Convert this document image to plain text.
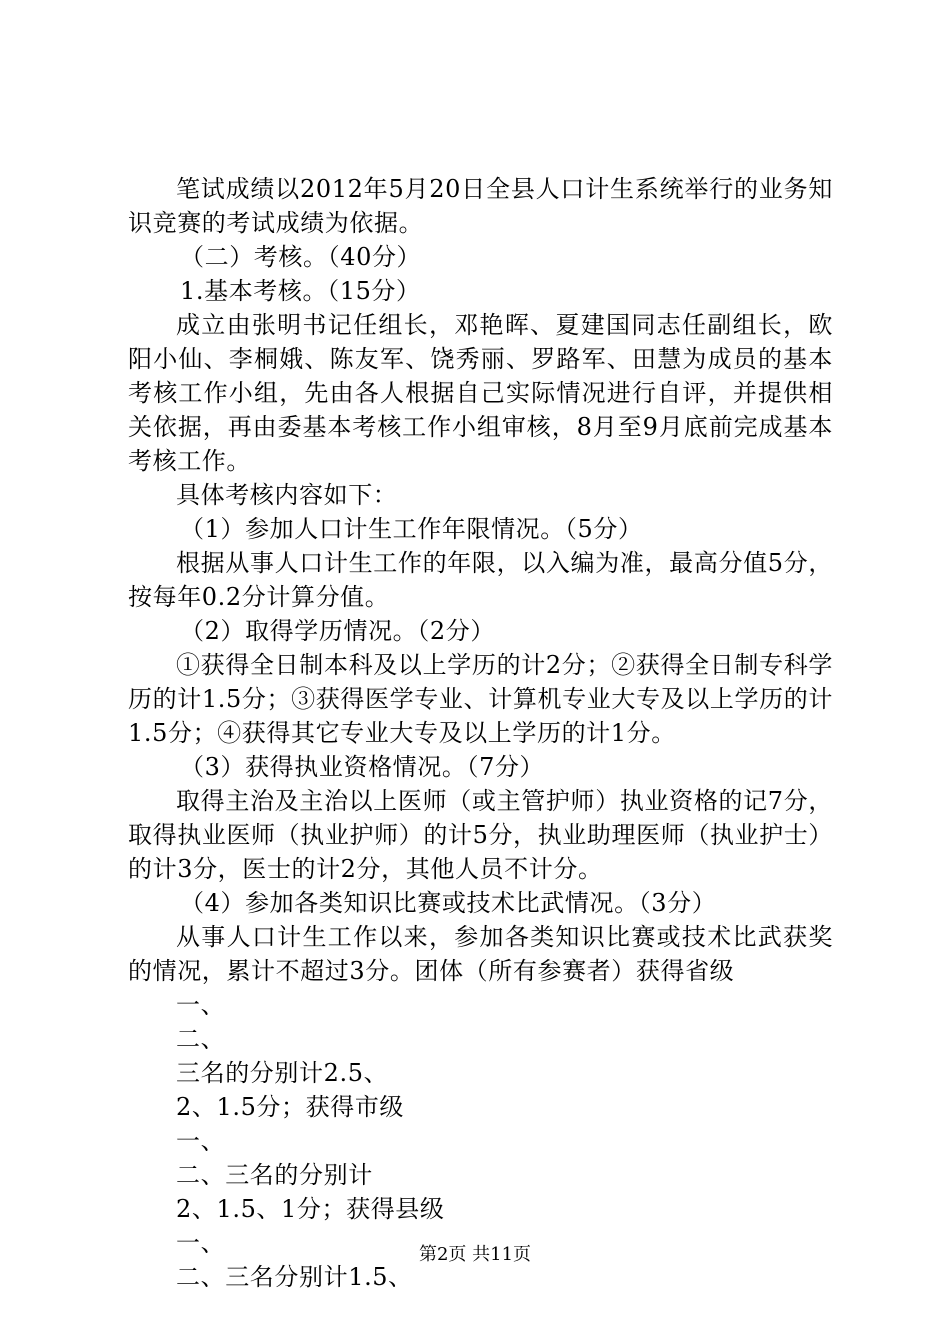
笔试成绩以2012年5月20日全县人口计生系统举行的业务知识竞赛的考试成绩为依据。

（二）考核。（40分）

1.基本考核。（15分）

成立由张明书记任组长，邓艳晖、夏建国同志任副组长，欧阳小仙、李桐娥、陈友军、饶秀丽、罗路军、田慧为成员的基本考核工作小组，先由各人根据自己实际情况进行自评，并提供相关依据，再由委基本考核工作小组审核，8月至9月底前完成基本考核工作。

具体考核内容如下：

（1）参加人口计生工作年限情况。（5分）

根据从事人口计生工作的年限，以入编为准，最高分值5分，按每年0.2分计算分值。

（2）取得学历情况。（2分）

①获得全日制本科及以上学历的计2分；②获得全日制专科学历的计1.5分；③获得医学专业、计算机专业大专及以上学历的计1.5分；④获得其它专业大专及以上学历的计1分。

（3）获得执业资格情况。（7分）

取得主治及主治以上医师（或主管护师）执业资格的记7分，取得执业医师（执业护师）的计5分，执业助理医师（执业护士）的计3分，医士的计2分，其他人员不计分。

（4）参加各类知识比赛或技术比武情况。（3分）

从事人口计生工作以来，参加各类知识比赛或技术比武获奖的情况，累计不超过3分。团体（所有参赛者）获得省级

一、

二、

三名的分别计2.5、

2、1.5分；获得市级

一、

二、三名的分别计

2、1.5、1分；获得县级

一、

二、三名分别计1.5、

第2页 共11页
